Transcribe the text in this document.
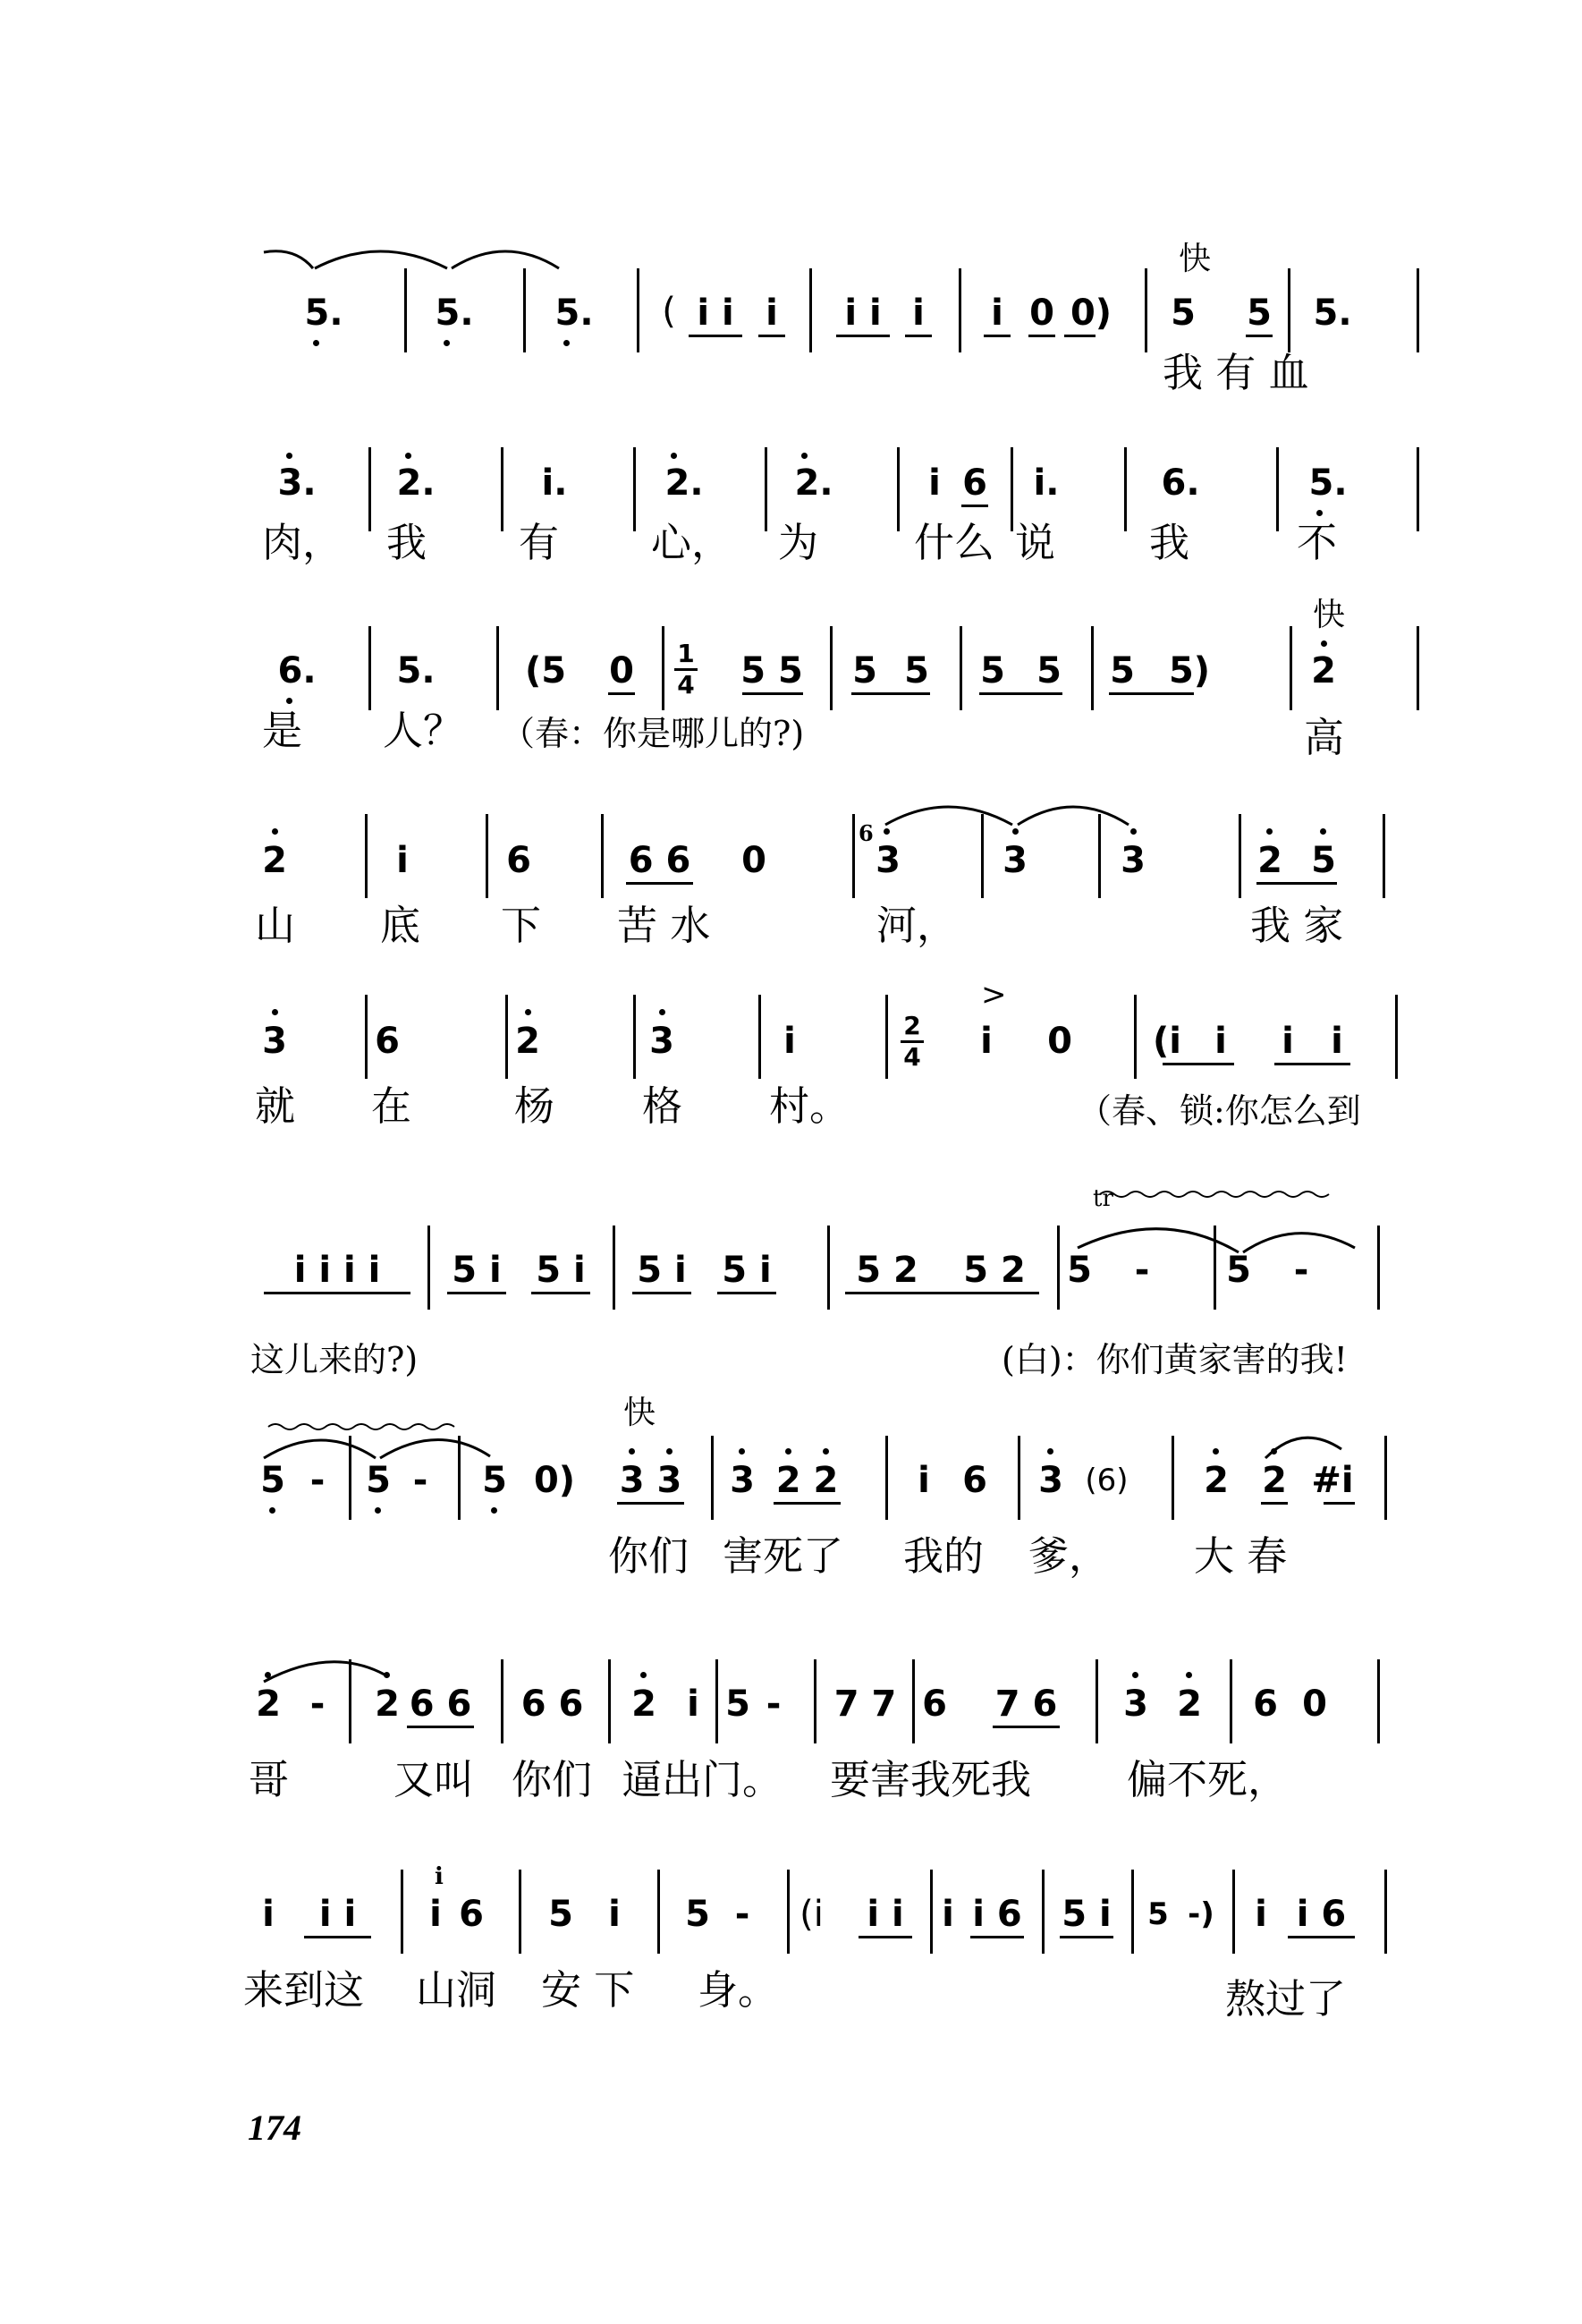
快
5.	5. 5. ( i i i i i i i 0 0) 5 5 5.
我 有 血
3. 2.	i.	2.	2.	i 6	i.	6.	5.
肉， 我 有 心， 为 什么 说 我	不
快
6. 5.	(5 0 1
4 5 5 5 5 5 5 5 5)	2
是 人？ （春：你是哪儿的?)	高
2	i	6	6 6 0
6
3	3	3	2 5
山 底 下 苦 水	河，	我 家
3 6	2	3	i	2
4
>
i 0	(i i i i
就 在	杨 格 村。	（春、锁:你怎么到
tr
i i i i	5 i 5 i 5 i 5 i	5 2	5 2	5 - 5 -
这儿来的?)	(白)：你们黄家害的我!
快
5 - 5 - 5 0) 3 3 3 2 2 i 6 3 (6)	2 2 #i
你们 害死了 我的 爹， 大 春
2 - 2 6 6 6 6 2 i 5 - 7 7 6 7 6 3 2 6 0
哥	又叫 你们 逼出门。 要害我死我 偏不死，
i	i i
i
i 6 5 i 5 - (i i i i i 6 5 i 5 -) i i 6
来到这 山洞 安 下 身。	熬过了
174
